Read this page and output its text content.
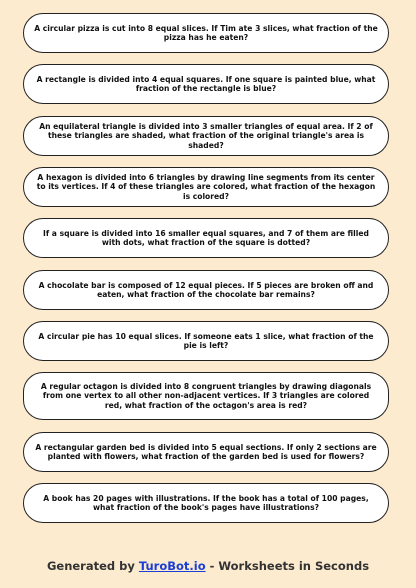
A circular pizza is cut into 8 equal slices. If Tim ate 3 slices, what fraction of the pizza has he eaten?
A rectangle is divided into 4 equal squares. If one square is painted blue, what fraction of the rectangle is blue?
An equilateral triangle is divided into 3 smaller triangles of equal area. If 2 of these triangles are shaded, what fraction of the original triangle's area is shaded?
A hexagon is divided into 6 triangles by drawing line segments from its center to its vertices. If 4 of these triangles are colored, what fraction of the hexagon is colored?
If a square is divided into 16 smaller equal squares, and 7 of them are filled with dots, what fraction of the square is dotted?
A chocolate bar is composed of 12 equal pieces. If 5 pieces are broken off and eaten, what fraction of the chocolate bar remains?
A circular pie has 10 equal slices. If someone eats 1 slice, what fraction of the pie is left?
A regular octagon is divided into 8 congruent triangles by drawing diagonals from one vertex to all other non-adjacent vertices. If 3 triangles are colored red, what fraction of the octagon's area is red?
A rectangular garden bed is divided into 5 equal sections. If only 2 sections are planted with flowers, what fraction of the garden bed is used for flowers?
A book has 20 pages with illustrations. If the book has a total of 100 pages, what fraction of the book's pages have illustrations?
Generated by TuroBot.io - Worksheets in Seconds
